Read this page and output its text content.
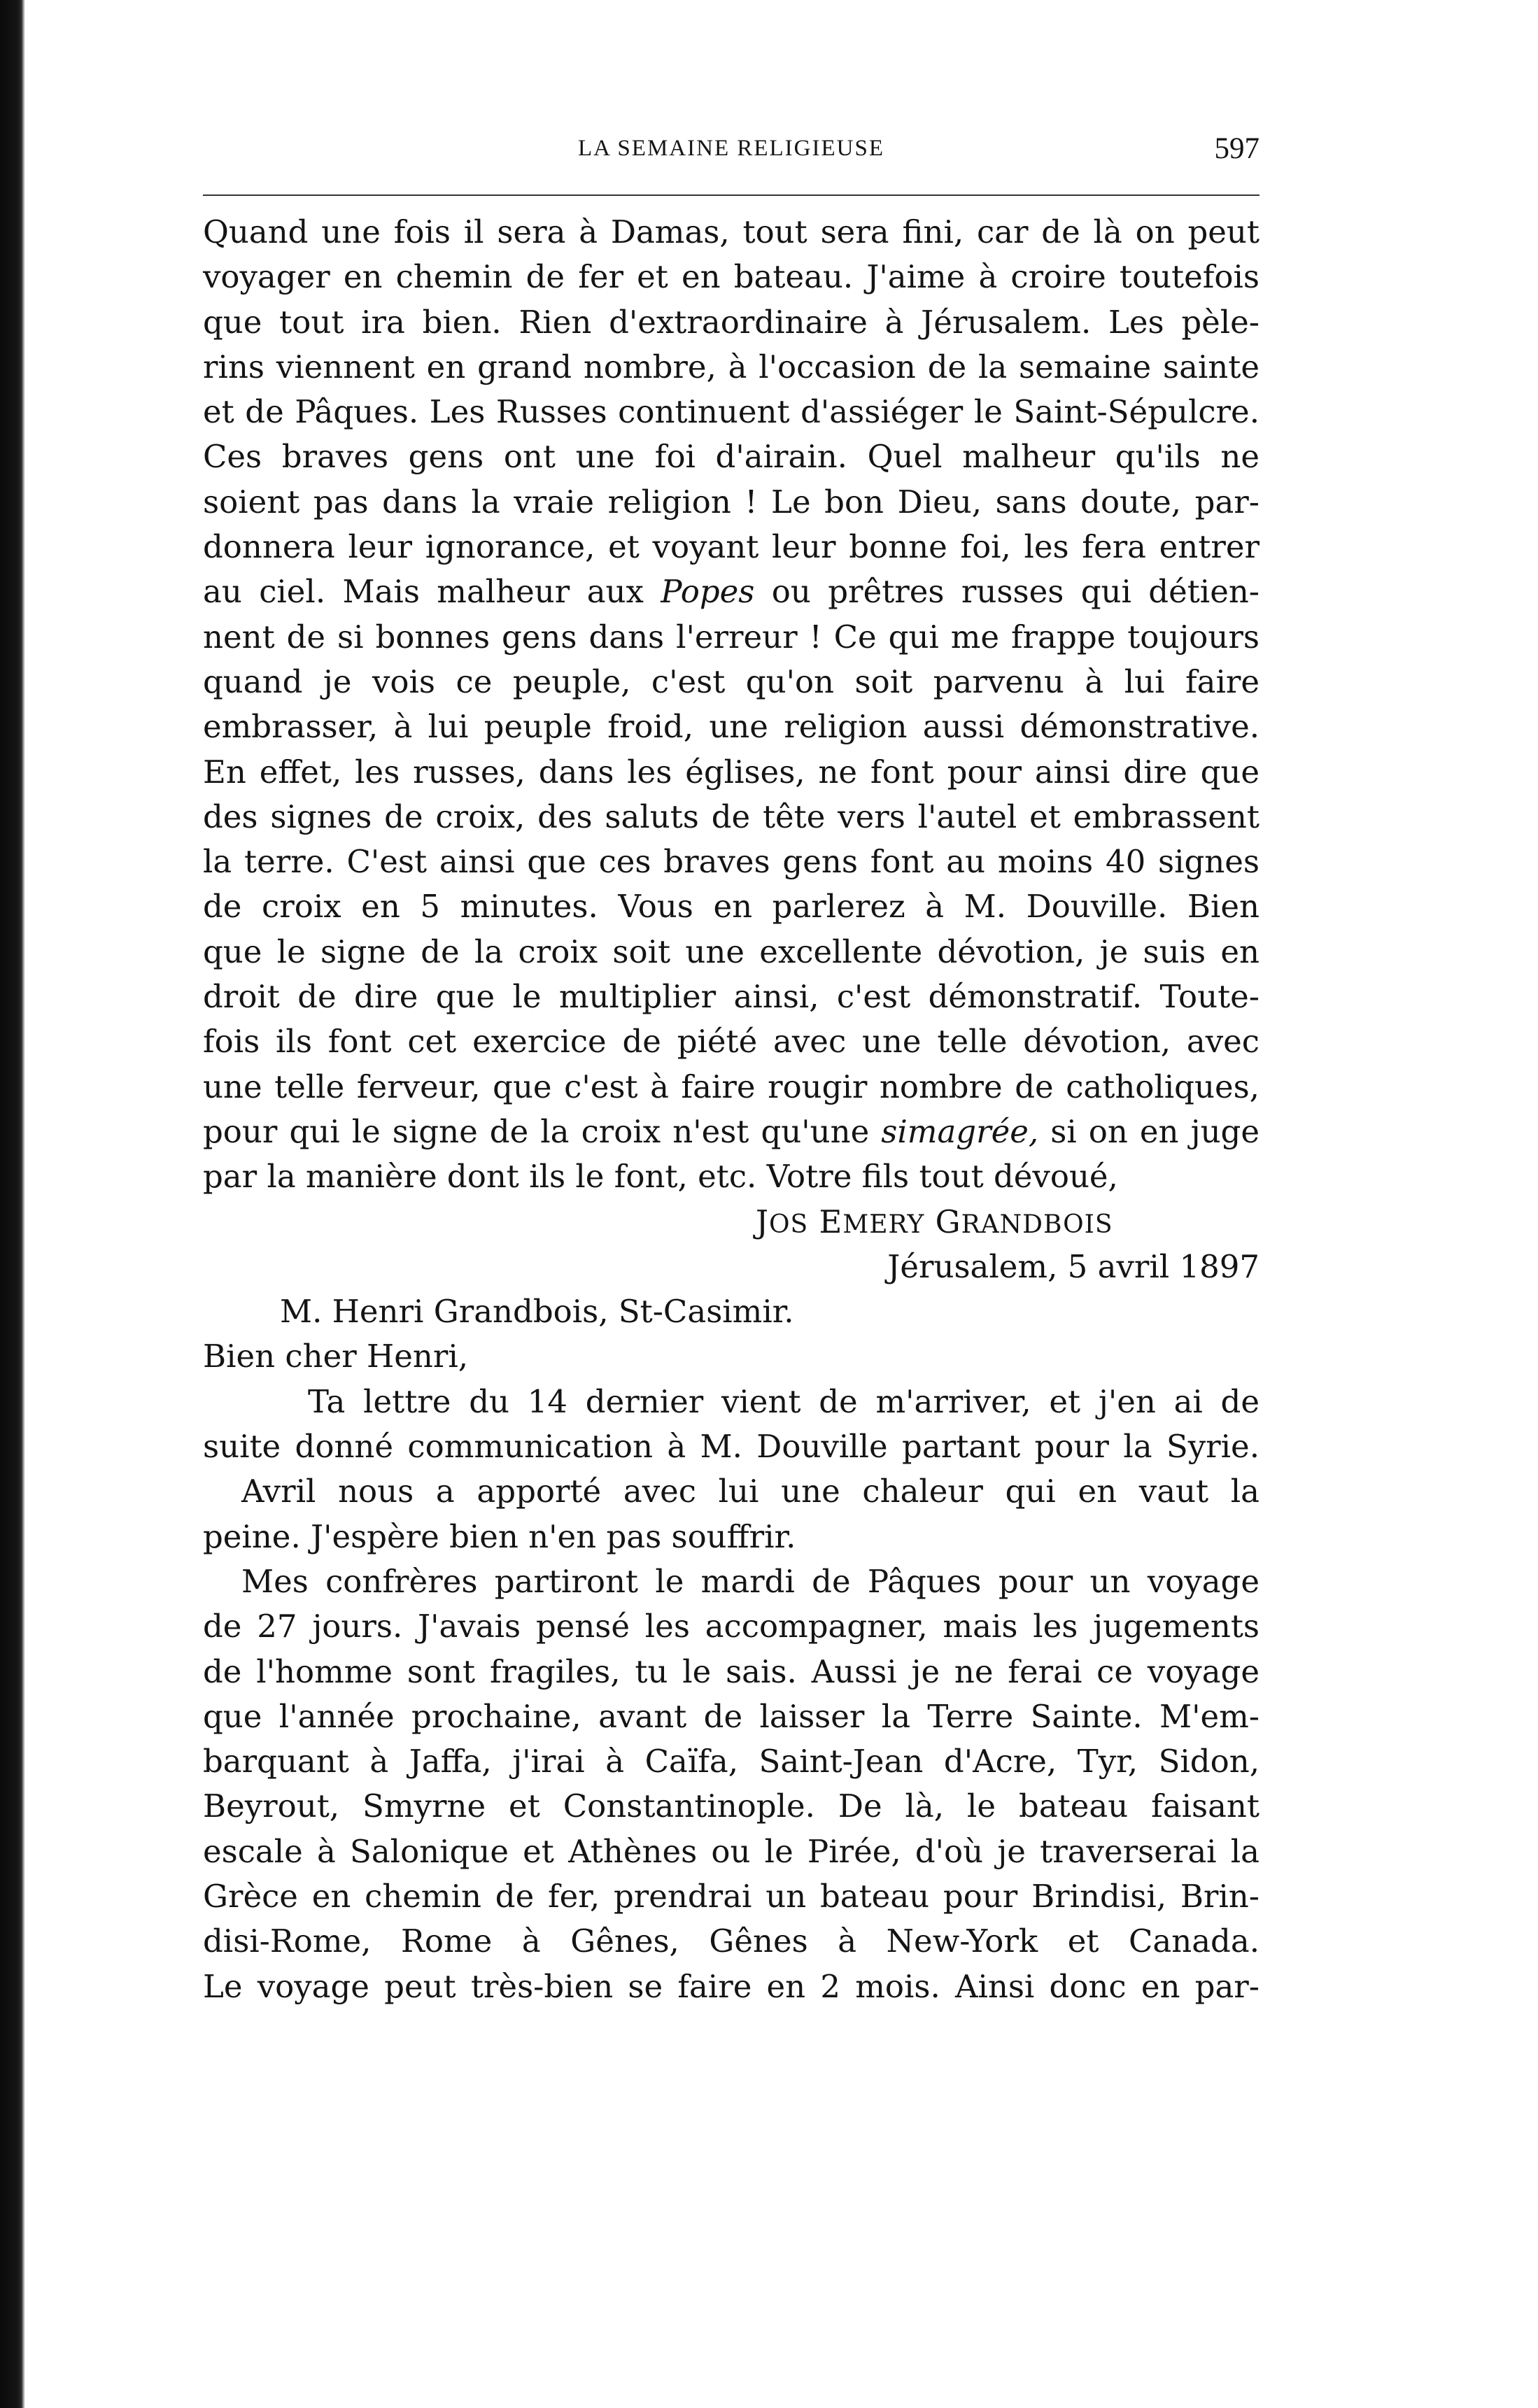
LA SEMAINE RELIGIEUSE	597
Quand une fois il sera à Damas, tout sera fini, car de là on peut
voyager en chemin de fer et en bateau. J'aime à croire toutefois
que tout ira bien. Rien d'extraordinaire à Jérusalem. Les pèle-
rins viennent en grand nombre, à l'occasion de la semaine sainte
et de Pâques. Les Russes continuent d'assiéger le Saint-Sépulcre.
Ces braves gens ont une foi d'airain. Quel malheur qu'ils ne
soient pas dans la vraie religion ! Le bon Dieu, sans doute, par-
donnera leur ignorance, et voyant leur bonne foi, les fera entrer
au ciel. Mais malheur aux Popes ou prêtres russes qui détien-
nent de si bonnes gens dans l'erreur ! Ce qui me frappe toujours
quand je vois ce peuple, c'est qu'on soit parvenu à lui faire
embrasser, à lui peuple froid, une religion aussi démonstrative.
En effet, les russes, dans les églises, ne font pour ainsi dire que
des signes de croix, des saluts de tête vers l'autel et embrassent
la terre. C'est ainsi que ces braves gens font au moins 40 signes
de croix en 5 minutes. Vous en parlerez à M. Douville. Bien
que le signe de la croix soit une excellente dévotion, je suis en
droit de dire que le multiplier ainsi, c'est démonstratif. Toute-
fois ils font cet exercice de piété avec une telle dévotion, avec
une telle ferveur, que c'est à faire rougir nombre de catholiques,
pour qui le signe de la croix n'est qu'une simagrée, si on en juge
par la manière dont ils le font, etc. Votre fils tout dévoué,
JOS EMERY GRANDBOIS
Jérusalem, 5 avril 1897
M. Henri Grandbois, St-Casimir.
Bien cher Henri,
Ta lettre du 14 dernier vient de m'arriver, et j'en ai de
suite donné communication à M. Douville partant pour la Syrie.
Avril nous a apporté avec lui une chaleur qui en vaut la
peine. J'espère bien n'en pas souffrir.
Mes confrères partiront le mardi de Pâques pour un voyage
de 27 jours. J'avais pensé les accompagner, mais les jugements
de l'homme sont fragiles, tu le sais. Aussi je ne ferai ce voyage
que l'année prochaine, avant de laisser la Terre Sainte. M'em-
barquant à Jaffa, j'irai à Caïfa, Saint-Jean d'Acre, Tyr, Sidon,
Beyrout, Smyrne et Constantinople. De là, le bateau faisant
escale à Salonique et Athènes ou le Pirée, d'où je traverserai la
Grèce en chemin de fer, prendrai un bateau pour Brindisi, Brin-
disi-Rome, Rome à Gênes, Gênes à New-York et Canada.
Le voyage peut très-bien se faire en 2 mois. Ainsi donc en par-
